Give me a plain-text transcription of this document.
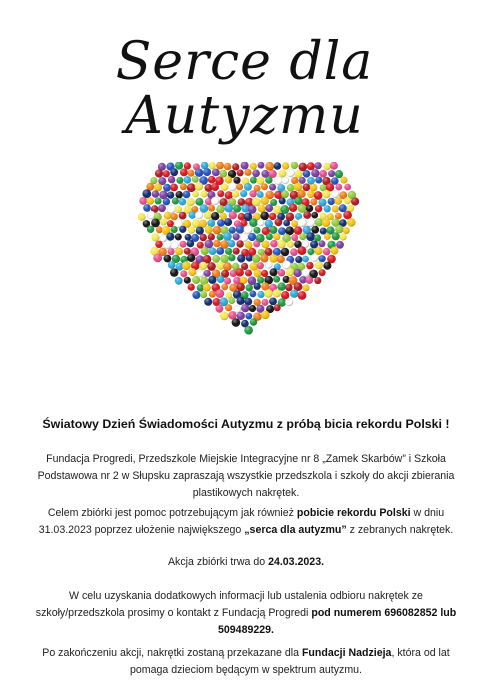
Serce dla
Autyzmu
Światowy Dzień Świadomości Autyzmu z próbą bicia rekordu Polski !
Fundacja Progredi, Przedszkole Miejskie Integracyjne nr 8 „Zamek Skarbów” i Szkoła Podstawowa nr 2 w Słupsku zapraszają wszystkie przedszkola i szkoły do akcji zbierania plastikowych nakrętek.
Celem zbiórki jest pomoc potrzebującym jak również pobicie rekordu Polski w dniu 31.03.2023 poprzez ułożenie największego „serca dla autyzmu” z zebranych nakrętek.
Akcja zbiórki trwa do 24.03.2023.
W celu uzyskania dodatkowych informacji lub ustalenia odbioru nakrętek ze szkoły/przedszkola prosimy o kontakt z Fundacją Progredi pod numerem 696082852 lub 509489229.
Po zakończeniu akcji, nakrętki zostaną przekazane dla Fundacji Nadzieja, która od lat pomaga dzieciom będącym w spektrum autyzmu.
